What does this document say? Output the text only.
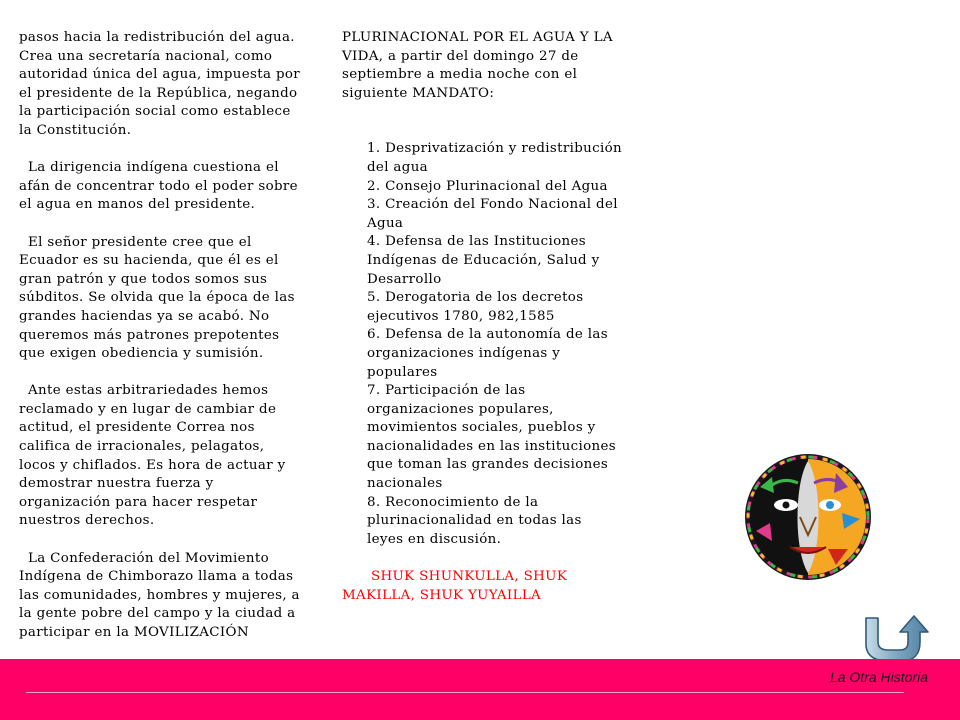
pasos hacia la redistribución del agua. Crea una secretaría nacional, como autoridad única del agua, impuesta por el presidente de la República, negando la participación social como establece la Constitución.

La dirigencia indígena cuestiona el afán de concentrar todo el poder sobre el agua en manos del presidente.

El señor presidente cree que el Ecuador es su hacienda, que él es el gran patrón y que todos somos sus súbditos. Se olvida que la época de las grandes haciendas ya se acabó. No queremos más patrones prepotentes que exigen obediencia y sumisión.

Ante estas arbitrariedades hemos reclamado y en lugar de cambiar de actitud, el presidente Correa nos califica de irracionales, pelagatos, locos y chiflados. Es hora de actuar y demostrar nuestra fuerza y organización para hacer respetar nuestros derechos.

La Confederación del Movimiento Indígena de Chimborazo llama a todas las comunidades, hombres y mujeres, a la gente pobre del campo y la ciudad a participar en la MOVILIZACIÓN

PLURINACIONAL POR EL AGUA Y LA VIDA, a partir del domingo 27 de septiembre a media noche con el siguiente MANDATO:

1. Desprivatización y redistribución del agua
2. Consejo Plurinacional del Agua
3. Creación del Fondo Nacional del Agua
4. Defensa de las Instituciones Indígenas de Educación, Salud y Desarrollo
5. Derogatoria de los decretos ejecutivos 1780, 982,1585
6. Defensa de la autonomía de las organizaciones indígenas y populares
7. Participación de las organizaciones populares, movimientos sociales, pueblos y nacionalidades en las instituciones que toman las grandes decisiones nacionales
8. Reconocimiento de la plurinacionalidad en todas las leyes en discusión.

SHUK SHUNKULLA, SHUK MAKILLA, SHUK YUYAILLA

La Otra Historia
